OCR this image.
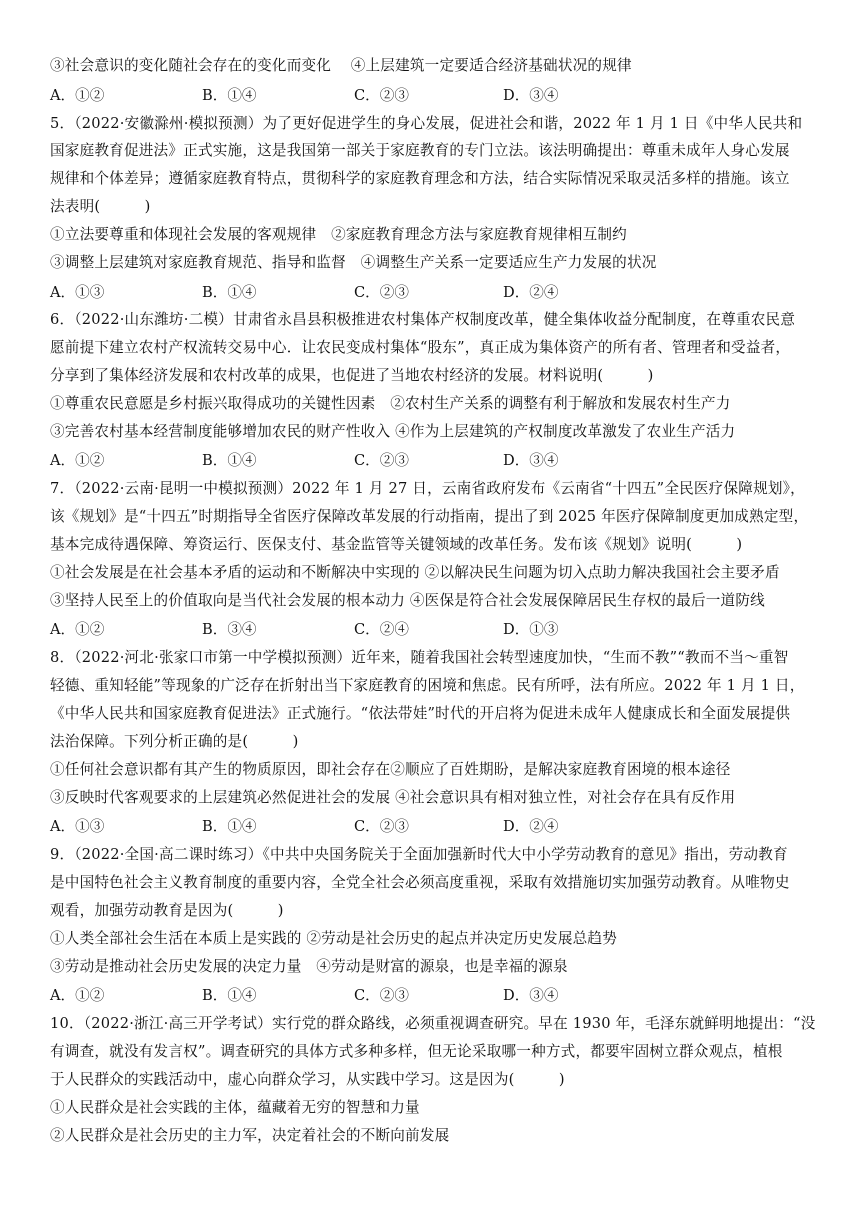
③社会意识的变化随社会存在的变化而变化　 ④上层建筑一定要适合经济基础状况的规律
A．①②	B．①④	C．②③	D．③④
5．（2022·安徽滁州·模拟预测）为了更好促进学生的身心发展，促进社会和谐，2022 年 1 月 1 日《中华人民共和
国家庭教育促进法》正式实施，这是我国第一部关于家庭教育的专门立法。该法明确提出：尊重未成年人身心发展
规律和个体差异；遵循家庭教育特点，贯彻科学的家庭教育理念和方法，结合实际情况采取灵活多样的措施。该立
法表明(　　　)
①立法要尊重和体现社会发展的客观规律　②家庭教育理念方法与家庭教育规律相互制约
③调整上层建筑对家庭教育规范、指导和监督　④调整生产关系一定要适应生产力发展的状况
A．①③	B．①④	C．②③	D．②④
6．（2022·山东潍坊·二模）甘肃省永昌县积极推进农村集体产权制度改革，健全集体收益分配制度，在尊重农民意
愿前提下建立农村产权流转交易中心．让农民变成村集体“股东”，真正成为集体资产的所有者、管理者和受益者，
分享到了集体经济发展和农村改革的成果，也促进了当地农村经济的发展。材料说明(　　　)
①尊重农民意愿是乡村振兴取得成功的关键性因素　②农村生产关系的调整有利于解放和发展农村生产力
③完善农村基本经营制度能够增加农民的财产性收入 ④作为上层建筑的产权制度改革激发了农业生产活力
A．①②	B．①④	C．②③	D．③④
7．（2022·云南·昆明一中模拟预测）2022 年 1 月 27 日，云南省政府发布《云南省“十四五”全民医疗保障规划》，
该《规划》是“十四五”时期指导全省医疗保障改革发展的行动指南，提出了到 2025 年医疗保障制度更加成熟定型，
基本完成待遇保障、筹资运行、医保支付、基金监管等关键领域的改革任务。发布该《规划》说明(　　　)
①社会发展是在社会基本矛盾的运动和不断解决中实现的 ②以解决民生问题为切入点助力解决我国社会主要矛盾
③坚持人民至上的价值取向是当代社会发展的根本动力 ④医保是符合社会发展保障居民生存权的最后一道防线
A．①②	B．③④	C．②④	D．①③
8．（2022·河北·张家口市第一中学模拟预测）近年来，随着我国社会转型速度加快，“生而不教”“教而不当～重智
轻德、重知轻能”等现象的广泛存在折射出当下家庭教育的困境和焦虑。民有所呼，法有所应。2022 年 1 月 1 日，
《中华人民共和国家庭教育促进法》正式施行。“依法带娃”时代的开启将为促进未成年人健康成长和全面发展提供
法治保障。下列分析正确的是(　　　)
①任何社会意识都有其产生的物质原因，即社会存在②顺应了百姓期盼，是解决家庭教育困境的根本途径
③反映时代客观要求的上层建筑必然促进社会的发展 ④社会意识具有相对独立性，对社会存在具有反作用
A．①③	B．①④	C．②③	D．②④
9．（2022·全国·高二课时练习）《中共中央国务院关于全面加强新时代大中小学劳动教育的意见》指出，劳动教育
是中国特色社会主义教育制度的重要内容，全党全社会必须高度重视，采取有效措施切实加强劳动教育。从唯物史
观看，加强劳动教育是因为(　　　)
①人类全部社会生活在本质上是实践的 ②劳动是社会历史的起点并决定历史发展总趋势
③劳动是推动社会历史发展的决定力量　④劳动是财富的源泉，也是幸福的源泉
A．①②	B．①④	C．②③	D．③④
10．（2022·浙江·高三开学考试）实行党的群众路线，必须重视调查研究。早在 1930 年，毛泽东就鲜明地提出：“没
有调查，就没有发言权”。调查研究的具体方式多种多样，但无论采取哪一种方式，都要牢固树立群众观点，植根
于人民群众的实践活动中，虚心向群众学习，从实践中学习。这是因为(　　　)
①人民群众是社会实践的主体，蕴藏着无穷的智慧和力量
②人民群众是社会历史的主力军，决定着社会的不断向前发展
